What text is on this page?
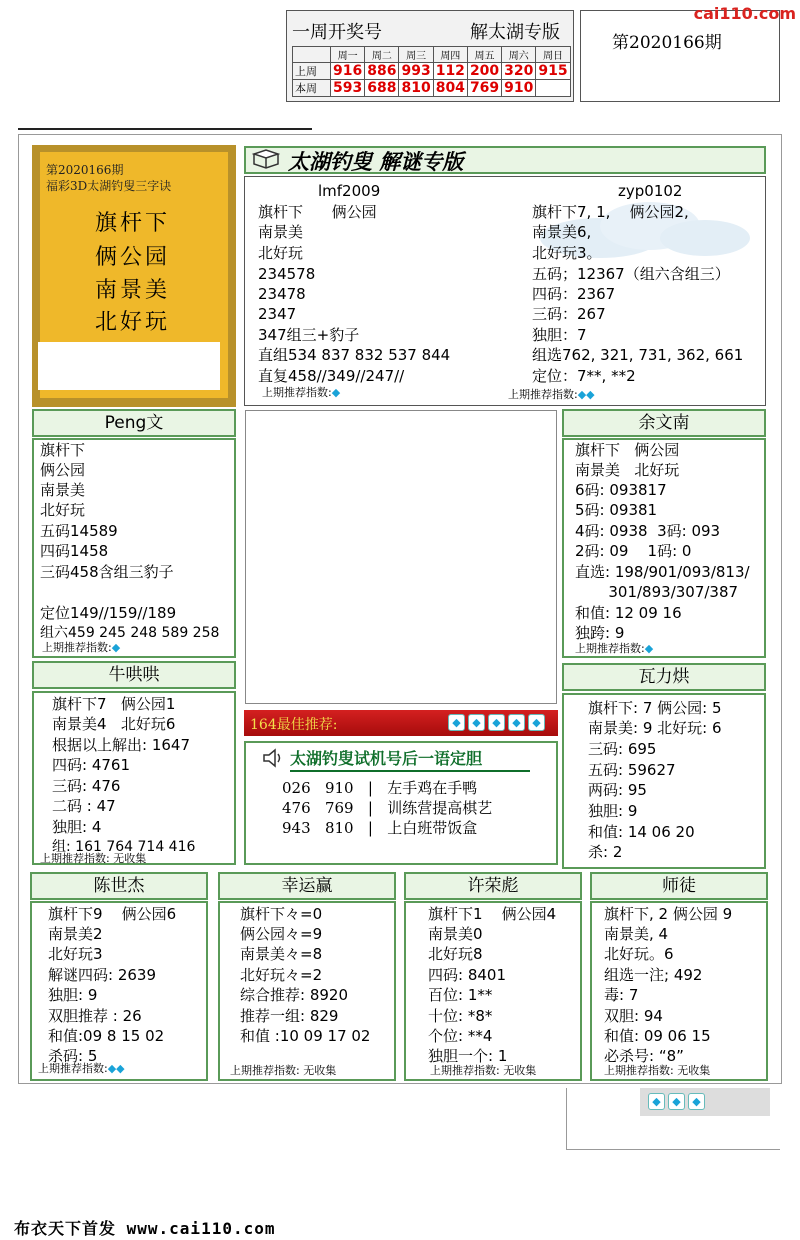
一周开奖号	解太湖专版	第2020166期
cai110.com
	周一	周二	周三	周四	周五	周六	周日
上周	916	886	993	112	200	320	915
本周	593	688	810	804	769	910	
第2020166期
福彩3D太湖钓叟三字诀
旗杆下
俩公园
南景美
北好玩
太湖钓叟 解谜专版
lmf2009	zyp0102
旗杆下      俩公园
南景美
北好玩
234578
23478
2347
347组三+豹子
直组534 837 832 537 844
直复458//349//247//
上期推荐指数:◆
旗杆下7, 1,    俩公园2,
南景美6,
北好玩3。
五码；12367（组六含组三）
四码：2367
三码：267
独胆：7
组选762, 321, 731, 362, 661
定位：7**, **2
上期推荐指数:◆◆
Peng文
旗杆下
俩公园
南景美
北好玩
五码14589
四码1458
三码458含组三豹子
定位149//159//189
组六459 245 248 589 258
上期推荐指数:◆
余文南
旗杆下   俩公园
南景美   北好玩
6码: 093817
5码: 09381
4码: 0938  3码: 093
2码: 09    1码: 0
直选: 198/901/093/813/
301/893/307/387
和值: 12 09 16
独跨: 9
上期推荐指数:◆
牛哄哄
旗杆下7   俩公园1
南景美4   北好玩6
根据以上解出: 1647
四码: 4761
三码: 476
二码 : 47
独胆: 4
组: 161 764 714 416
上期推荐指数: 无收集
164最佳推荐:	◆	◆	◆	◆	◆
太湖钓叟试机号后一语定胆
026 910   |   左手鸡在手鸭
476 769   |   训练营提高棋艺
943 810   |   上白班带饭盒
瓦力烘
旗杆下: 7 俩公园: 5
南景美: 9 北好玩: 6
三码: 695
五码: 59627
两码: 95
独胆: 9
和值: 14 06 20
杀: 2
陈世杰
旗杆下9    俩公园6
南景美2
北好玩3
解谜四码: 2639
独胆: 9
双胆推荐 : 26
和值:09 8 15 02
杀码: 5
上期推荐指数:◆◆
幸运赢
旗杆下々=0
俩公园々=9
南景美々=8
北好玩々=2
综合推荐: 8920
推荐一组: 829
和值 :10 09 17 02
上期推荐指数: 无收集
许荣彪
旗杆下1    俩公园4
南景美0
北好玩8
四码: 8401
百位: 1**
十位: *8*
个位: **4
独胆一个: 1
上期推荐指数: 无收集
师徒
旗杆下, 2 俩公园 9
南景美, 4
北好玩。6
组选一注; 492
毒: 7
双胆: 94
和值: 09 06 15
必杀号: “8”
上期推荐指数: 无收集
◆	◆	◆
布衣天下首发 www.cai110.com
